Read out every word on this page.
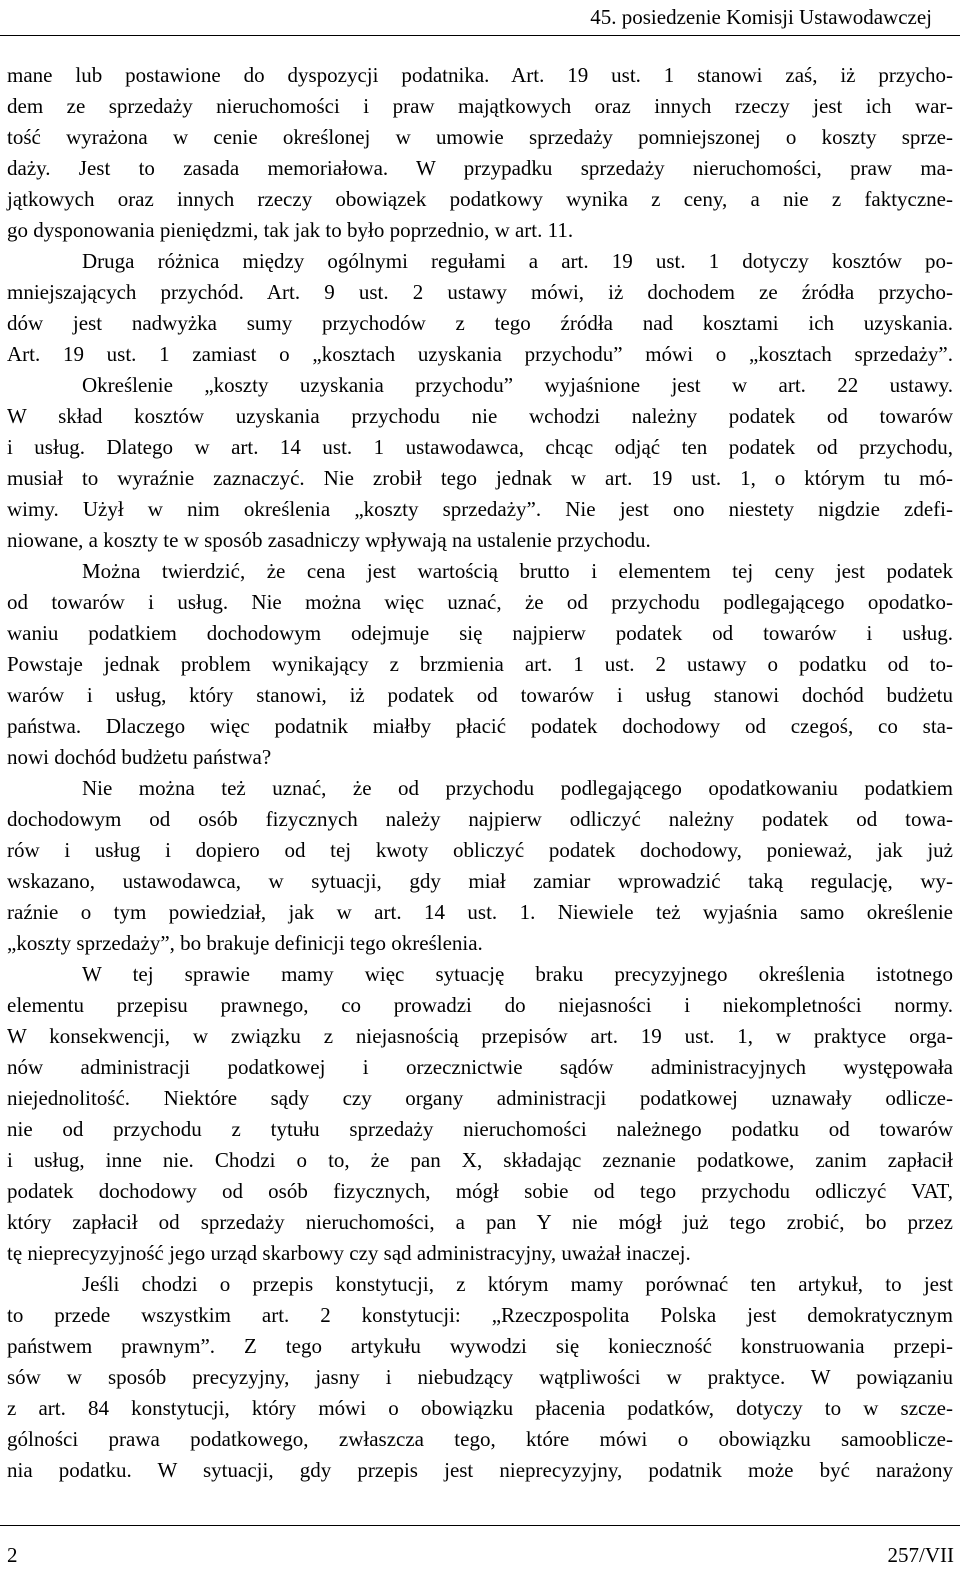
45. posiedzenie Komisji Ustawodawczej
mane lub postawione do dyspozycji podatnika. Art. 19 ust. 1 stanowi zaś, iż przycho-
dem ze sprzedaży nieruchomości i praw majątkowych oraz innych rzeczy jest ich war-
tość wyrażona w cenie określonej w umowie sprzedaży pomniejszonej o koszty sprze-
daży. Jest to zasada memoriałowa. W przypadku sprzedaży nieruchomości, praw ma-
jątkowych oraz innych rzeczy obowiązek podatkowy wynika z ceny, a nie z faktyczne-
go dysponowania pieniędzmi, tak jak to było poprzednio, w art. 11.
Druga różnica między ogólnymi regułami a art. 19 ust. 1 dotyczy kosztów po-
mniejszających przychód. Art. 9 ust. 2 ustawy mówi, iż dochodem ze źródła przycho-
dów jest nadwyżka sumy przychodów z tego źródła nad kosztami ich uzyskania.
Art. 19 ust. 1 zamiast o „kosztach uzyskania przychodu” mówi o „kosztach sprzedaży”.
Określenie „koszty uzyskania przychodu” wyjaśnione jest w art. 22 ustawy.
W skład kosztów uzyskania przychodu nie wchodzi należny podatek od towarów
i usług. Dlatego w art. 14 ust. 1 ustawodawca, chcąc odjąć ten podatek od przychodu,
musiał to wyraźnie zaznaczyć. Nie zrobił tego jednak w art. 19 ust. 1, o którym tu mó-
wimy. Użył w nim określenia „koszty sprzedaży”. Nie jest ono niestety nigdzie zdefi-
niowane, a koszty te w sposób zasadniczy wpływają na ustalenie przychodu.
Można twierdzić, że cena jest wartością brutto i elementem tej ceny jest podatek
od towarów i usług. Nie można więc uznać, że od przychodu podlegającego opodatko-
waniu podatkiem dochodowym odejmuje się najpierw podatek od towarów i usług.
Powstaje jednak problem wynikający z brzmienia art. 1 ust. 2 ustawy o podatku od to-
warów i usług, który stanowi, iż podatek od towarów i usług stanowi dochód budżetu
państwa. Dlaczego więc podatnik miałby płacić podatek dochodowy od czegoś, co sta-
nowi dochód budżetu państwa?
Nie można też uznać, że od przychodu podlegającego opodatkowaniu podatkiem
dochodowym od osób fizycznych należy najpierw odliczyć należny podatek od towa-
rów i usług i dopiero od tej kwoty obliczyć podatek dochodowy, ponieważ, jak już
wskazano, ustawodawca, w sytuacji, gdy miał zamiar wprowadzić taką regulację, wy-
raźnie o tym powiedział, jak w art. 14 ust. 1. Niewiele też wyjaśnia samo określenie
„koszty sprzedaży”, bo brakuje definicji tego określenia.
W tej sprawie mamy więc sytuację braku precyzyjnego określenia istotnego
elementu przepisu prawnego, co prowadzi do niejasności i niekompletności normy.
W konsekwencji, w związku z niejasnością przepisów art. 19 ust. 1, w praktyce orga-
nów administracji podatkowej i orzecznictwie sądów administracyjnych występowała
niejednolitość. Niektóre sądy czy organy administracji podatkowej uznawały odlicze-
nie od przychodu z tytułu sprzedaży nieruchomości należnego podatku od towarów
i usług, inne nie. Chodzi o to, że pan X, składając zeznanie podatkowe, zanim zapłacił
podatek dochodowy od osób fizycznych, mógł sobie od tego przychodu odliczyć VAT,
który zapłacił od sprzedaży nieruchomości, a pan Y nie mógł już tego zrobić, bo przez
tę nieprecyzyjność jego urząd skarbowy czy sąd administracyjny, uważał inaczej.
Jeśli chodzi o przepis konstytucji, z którym mamy porównać ten artykuł, to jest
to przede wszystkim art. 2 konstytucji: „Rzeczpospolita Polska jest demokratycznym
państwem prawnym”. Z tego artykułu wywodzi się konieczność konstruowania przepi-
sów w sposób precyzyjny, jasny i niebudzący wątpliwości w praktyce. W powiązaniu
z art. 84 konstytucji, który mówi o obowiązku płacenia podatków, dotyczy to w szcze-
gólności prawa podatkowego, zwłaszcza tego, które mówi o obowiązku samooblicze-
nia podatku. W sytuacji, gdy przepis jest nieprecyzyjny, podatnik może być narażony
2	257/VII
